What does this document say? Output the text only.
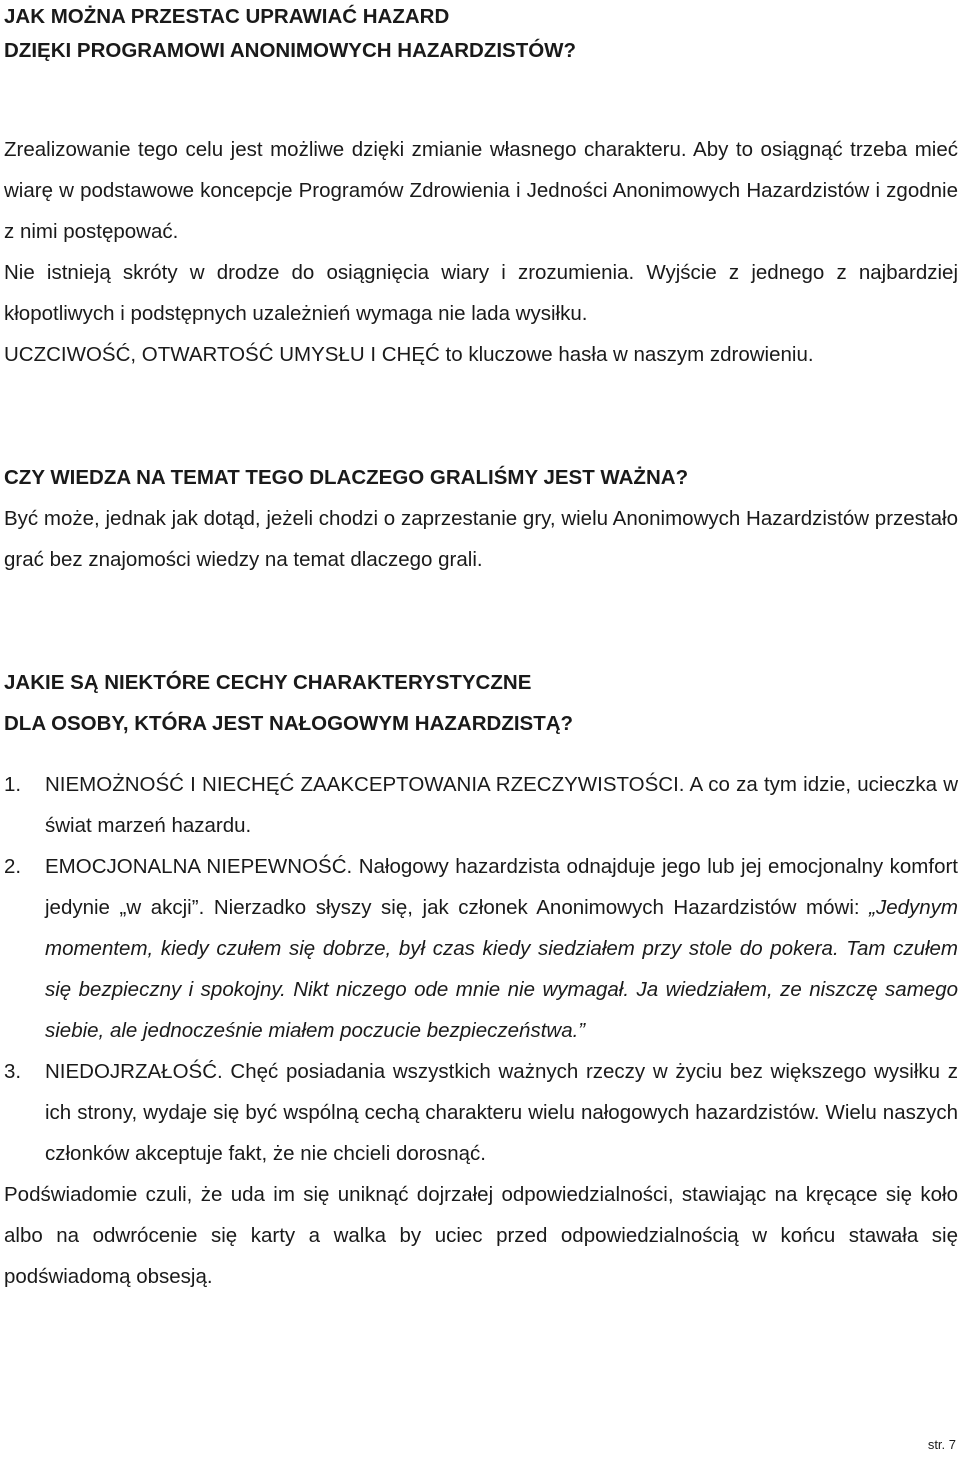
JAK MOŻNA PRZESTAC UPRAWIAĆ HAZARD
DZIĘKI PROGRAMOWI ANONIMOWYCH HAZARDZISTÓW?

Zrealizowanie tego celu jest możliwe dzięki zmianie własnego charakteru. Aby to osiągnąć trzeba mieć wiarę w podstawowe koncepcje Programów Zdrowienia i Jedności Anonimowych Hazardzistów i zgodnie z nimi postępować.

Nie istnieją skróty w drodze do osiągnięcia wiary i zrozumienia. Wyjście z jednego z najbardziej kłopotliwych i podstępnych uzależnień wymaga nie lada wysiłku.

UCZCIWOŚĆ, OTWARTOŚĆ UMYSŁU I CHĘĆ to kluczowe hasła w naszym zdrowieniu.

CZY WIEDZA NA TEMAT TEGO DLACZEGO GRALIŚMY JEST WAŻNA?

Być może, jednak jak dotąd, jeżeli chodzi o zaprzestanie gry, wielu Anonimowych Hazardzistów przestało grać bez znajomości wiedzy na temat dlaczego grali.

JAKIE SĄ NIEKTÓRE CECHY CHARAKTERYSTYCZNE
DLA OSOBY, KTÓRA JEST NAŁOGOWYM HAZARDZISTĄ?
1. NIEMOŻNOŚĆ I NIECHĘĆ ZAAKCEPTOWANIA RZECZYWISTOŚCI. A co za tym idzie, ucieczka w świat marzeń hazardu.
2. EMOCJONALNA NIEPEWNOŚĆ. Nałogowy hazardzista odnajduje jego lub jej emocjonalny komfort jedynie „w akcji”. Nierzadko słyszy się, jak członek Anonimowych Hazardzistów mówi: „Jedynym momentem, kiedy czułem się dobrze, był czas kiedy siedziałem przy stole do pokera. Tam czułem się bezpieczny i spokojny. Nikt niczego ode mnie nie wymagał. Ja wiedziałem, ze niszczę samego siebie, ale jednocześnie miałem poczucie bezpieczeństwa.”
3. NIEDOJRZAŁOŚĆ. Chęć posiadania wszystkich ważnych rzeczy w życiu bez większego wysiłku z ich strony, wydaje się być wspólną cechą charakteru wielu nałogowych hazardzistów. Wielu naszych członków akceptuje fakt, że nie chcieli dorosnąć.

Podświadomie czuli, że uda im się uniknąć dojrzałej odpowiedzialności, stawiając na kręcące się koło albo na odwrócenie się karty a walka by uciec przed odpowiedzialnością w końcu stawała się podświadomą obsesją.

str. 7
